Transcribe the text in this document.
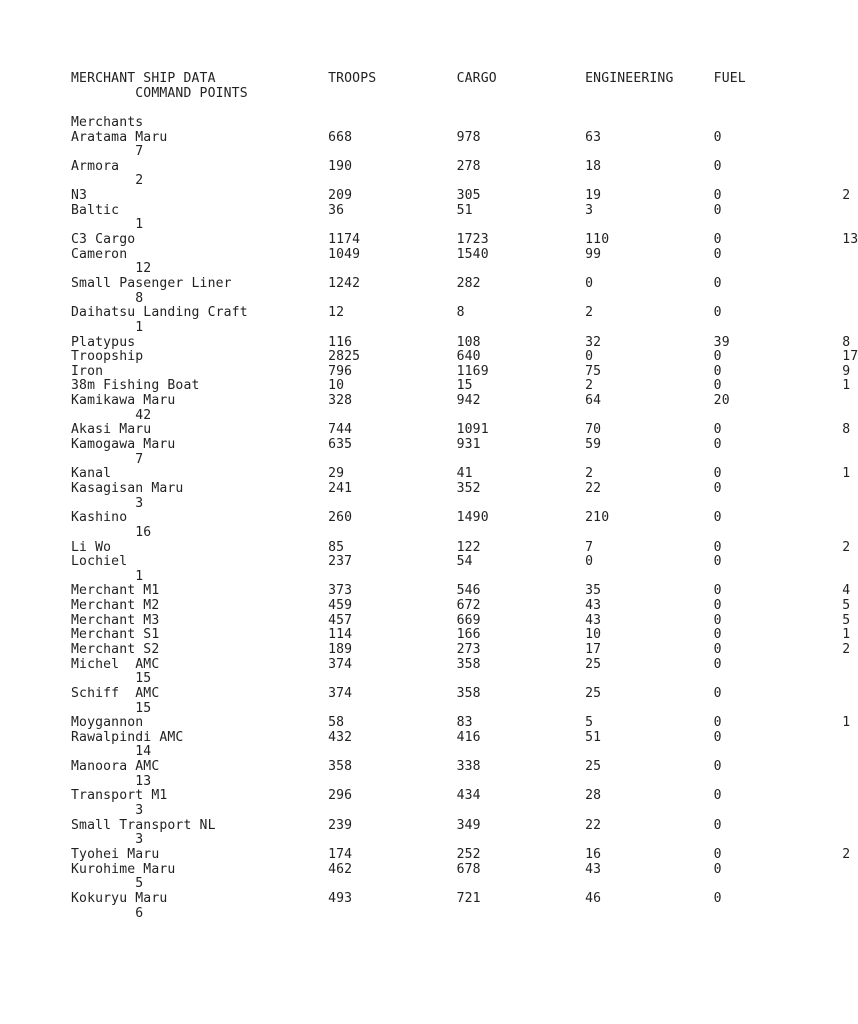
MERCHANT SHIP DATA		TROOPS		CARGO		ENGINEERING	FUEL
	COMMAND POINTS
Merchants
Aratama Maru			668		978		63		0
	7
Armora				190		278		18		0
	2
N3				209		305		19		0		2
Baltic				36		51		3		0
	1
C3 Cargo			1174		1723		110		0		13
Cameron				1049		1540		99		0
	12
Small Pasenger Liner		1242		282		0		0
	8
Daihatsu Landing Craft		12		8		2		0
	1
Platypus			116		108		32		39		8
Troopship			2825		640		0		0		17
Iron				796		1169		75		0		9
38m Fishing Boat		10		15		2		0		1
Kamikawa Maru			328		942		64		20
	42
Akasi Maru			744		1091		70		0		8
Kamogawa Maru			635		931		59		0
	7
Kanal				29		41		2		0		1
Kasagisan Maru			241		352		22		0
	3
Kashino				260		1490		210		0
	16
Li Wo				85		122		7		0		2
Lochiel				237		54		0		0
	1
Merchant M1			373		546		35		0		4
Merchant M2			459		672		43		0		5
Merchant M3			457		669		43		0		5
Merchant S1			114		166		10		0		1
Merchant S2			189		273		17		0		2
Michel	AMC			374		358		25		0
	15
Schiff	AMC			374		358		25		0
	15
Moygannon			58		83		5		0		1
Rawalpindi AMC			432		416		51		0
	14
Manoora	AMC			358		338		25		0
	13
Transport M1			296		434		28		0
	3
Small Transport NL		239		349		22		0
	3
Tyohei Maru			174		252		16		0		2
Kurohime Maru			462		678		43		0
	5
Kokuryu Maru			493		721		46		0
	6
